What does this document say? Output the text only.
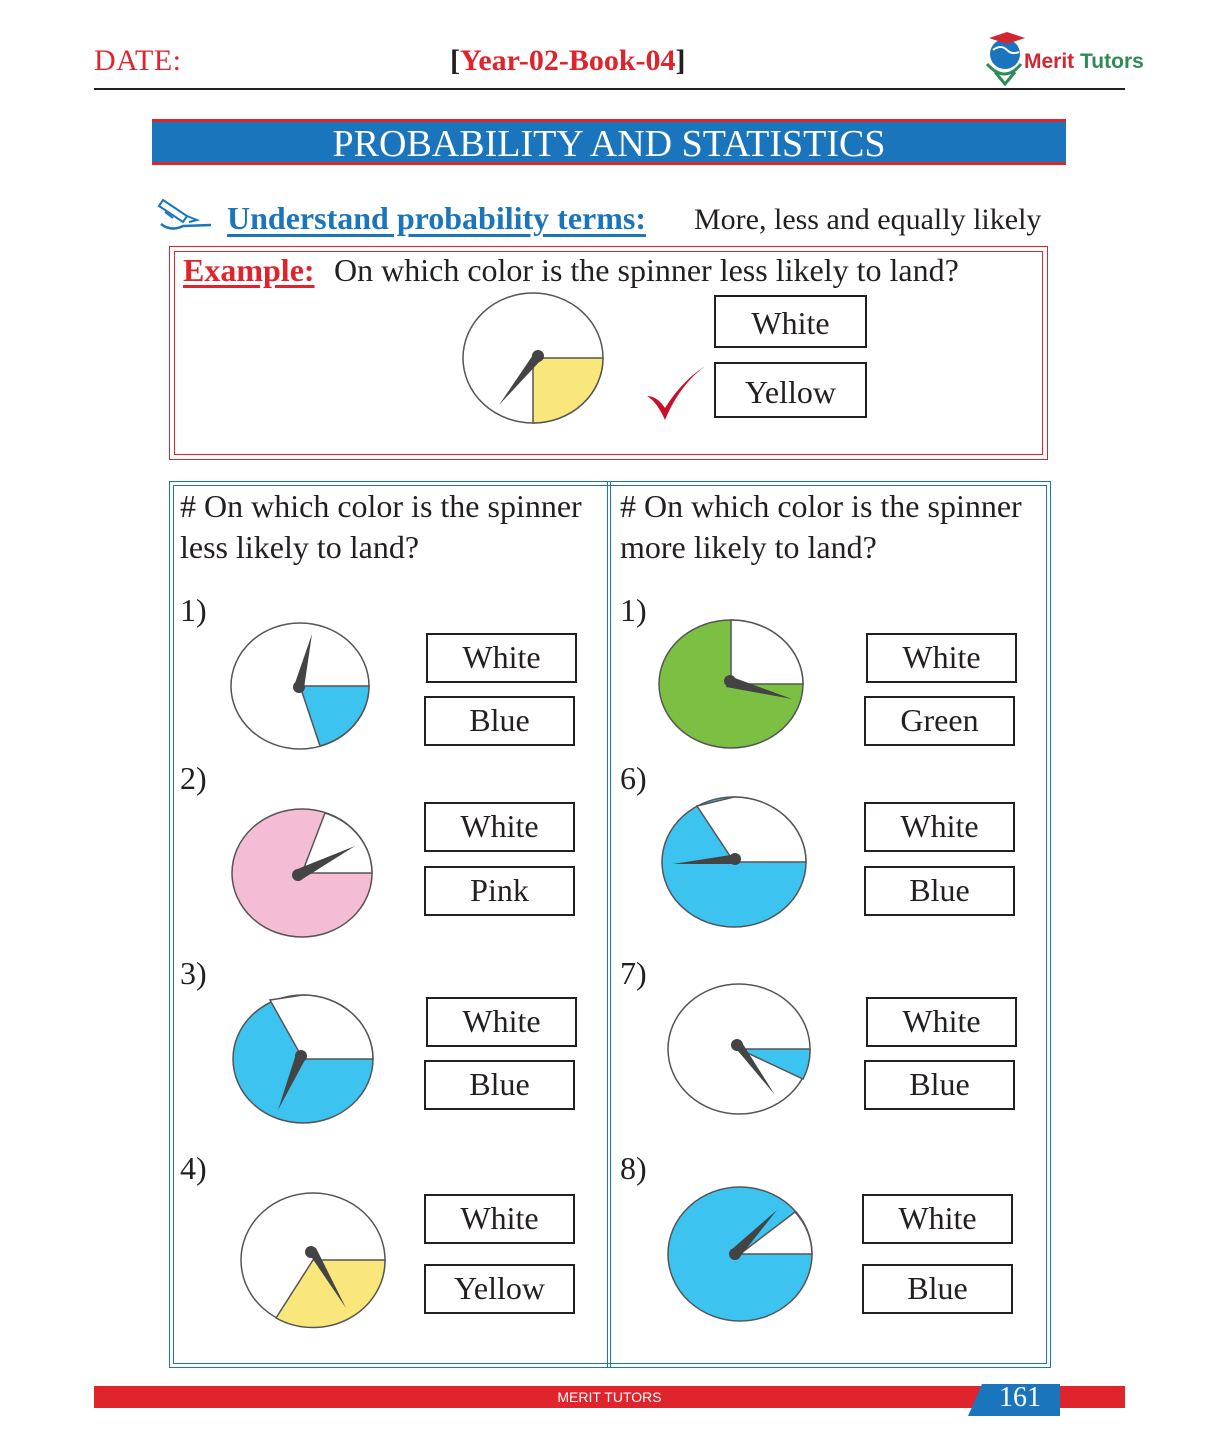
DATE:	[Year-02-Book-04]	Merit Tutors
PROBABILITY AND STATISTICS
Understand probability terms: More, less and equally likely
Example: On which color is the spinner less likely to land?
White
Yellow
# On which color is the spinner less likely to land?
# On which color is the spinner more likely to land?
1)
White
Blue
2)
White
Pink
3)
White
Blue
4)
White
Yellow
1)
White
Green
6)
White
Blue
7)
White
Blue
8)
White
Blue
MERIT TUTORS	161
